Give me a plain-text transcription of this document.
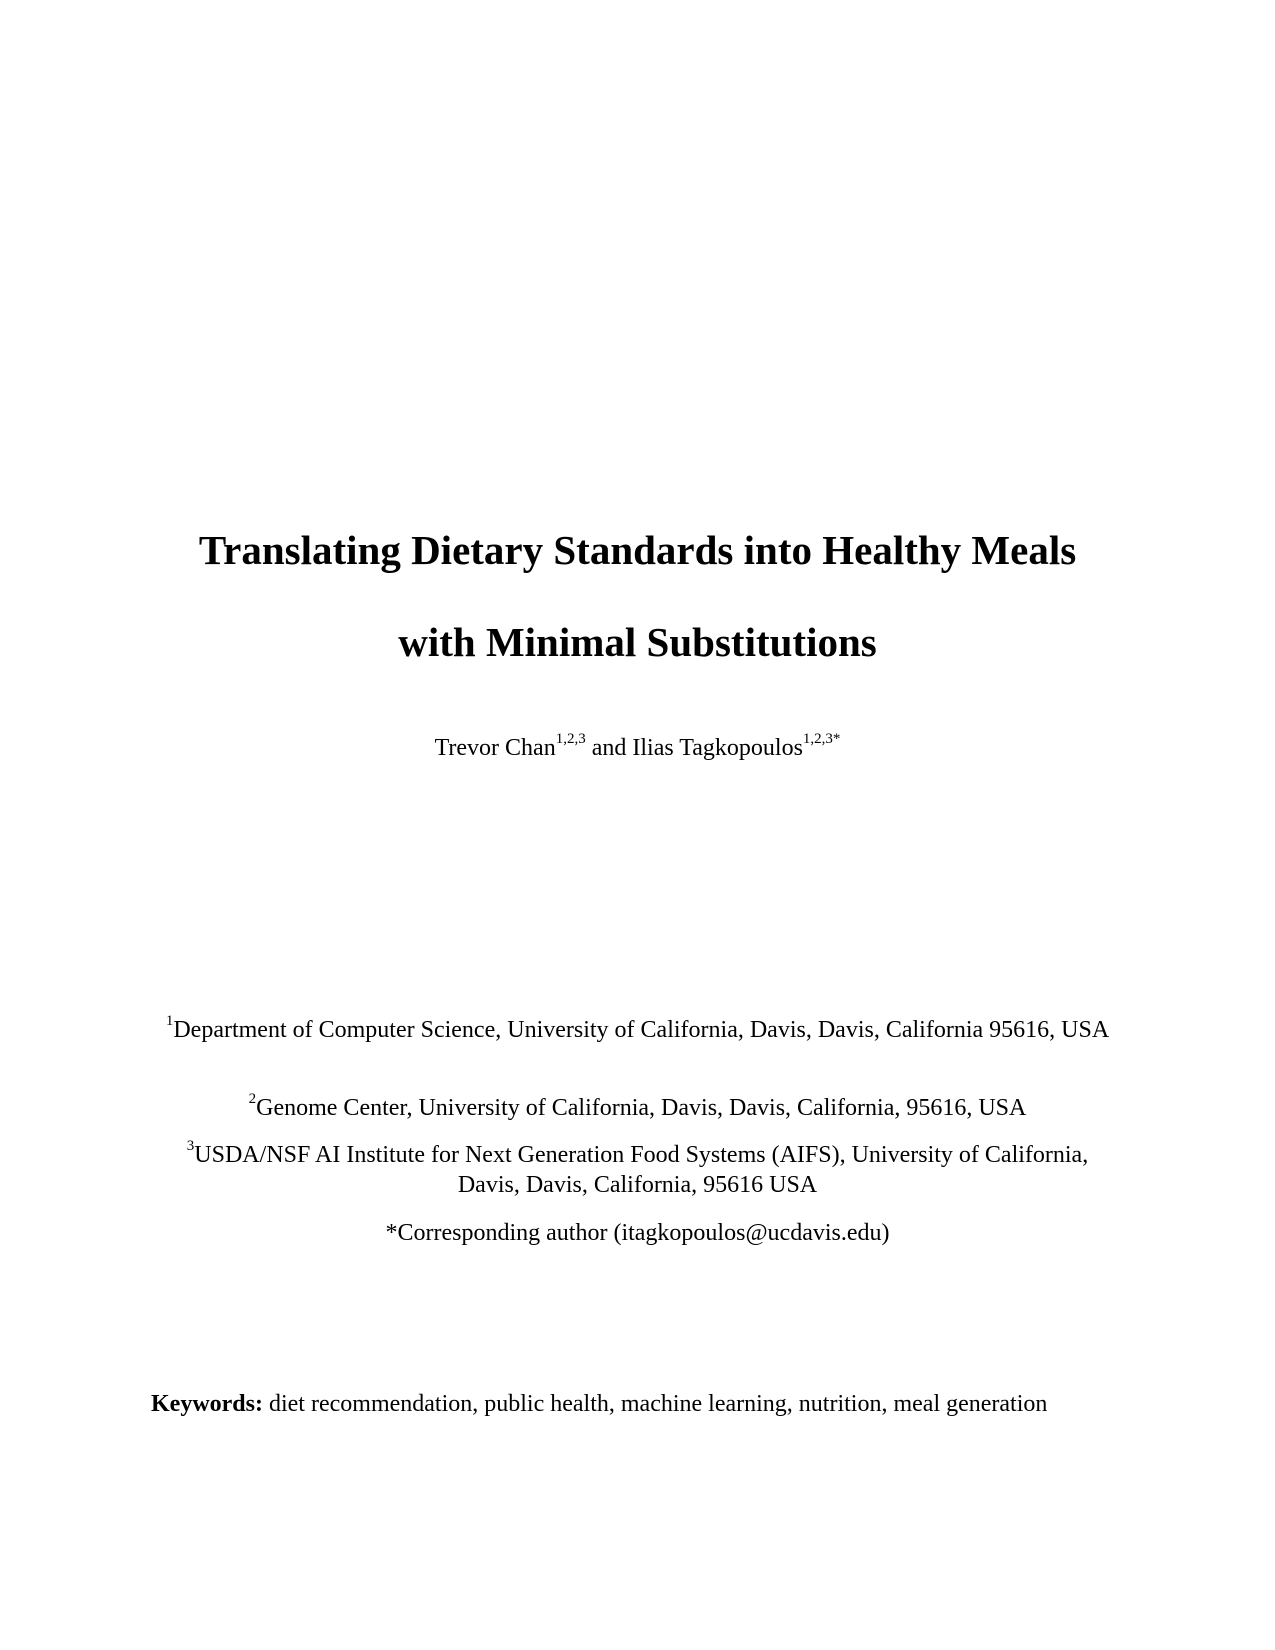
Translating Dietary Standards into Healthy Meals
with Minimal Substitutions
Trevor Chan$^{1,2,3}$ and Ilias Tagkopoulos$^{1,2,3*}$
$^1$Department of Computer Science, University of California, Davis, Davis, California 95616, USA
$^2$Genome Center, University of California, Davis, Davis, California, 95616, USA
$^3$USDA/NSF AI Institute for Next Generation Food Systems (AIFS), University of California, Davis, Davis, California, 95616 USA
*Corresponding author (itagkopoulos@ucdavis.edu)
Keywords: diet recommendation, public health, machine learning, nutrition, meal generation
